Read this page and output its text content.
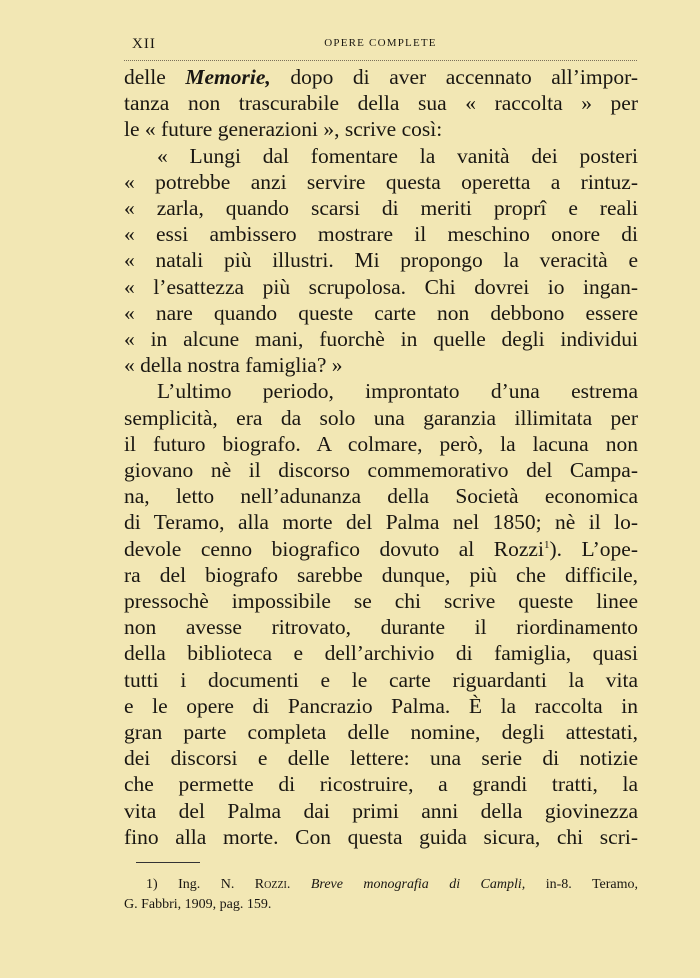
XII	OPERE COMPLETE
delle Memorie, dopo di aver accennato all’impor-
tanza non trascurabile della sua « raccolta » per
le « future generazioni », scrive così:
« Lungi dal fomentare la vanità dei posteri
« potrebbe anzi servire questa operetta a rintuz-
« zarla, quando scarsi di meriti proprî e reali
« essi ambissero mostrare il meschino onore di
« natali più illustri. Mi propongo la veracità e
« l’esattezza più scrupolosa. Chi dovrei io ingan-
« nare quando queste carte non debbono essere
« in alcune mani, fuorchè in quelle degli individui
« della nostra famiglia? »
L’ultimo periodo, improntato d’una estrema
semplicità, era da solo una garanzia illimitata per
il futuro biografo. A colmare, però, la lacuna non
giovano nè il discorso commemorativo del Campa-
na, letto nell’adunanza della Società economica
di Teramo, alla morte del Palma nel 1850; nè il lo-
devole cenno biografico dovuto al Rozzi$^1$). L’ope-
ra del biografo sarebbe dunque, più che difficile,
pressochè impossibile se chi scrive queste linee
non avesse ritrovato, durante il riordinamento
della biblioteca e dell’archivio di famiglia, quasi
tutti i documenti e le carte riguardanti la vita
e le opere di Pancrazio Palma. È la raccolta in
gran parte completa delle nomine, degli attestati,
dei discorsi e delle lettere: una serie di notizie
che permette di ricostruire, a grandi tratti, la
vita del Palma dai primi anni della giovinezza
fino alla morte. Con questa guida sicura, chi scri-
1) Ing. N. Rozzi. Breve monografia di Campli, in-8. Teramo,
G. Fabbri, 1909, pag. 159.
